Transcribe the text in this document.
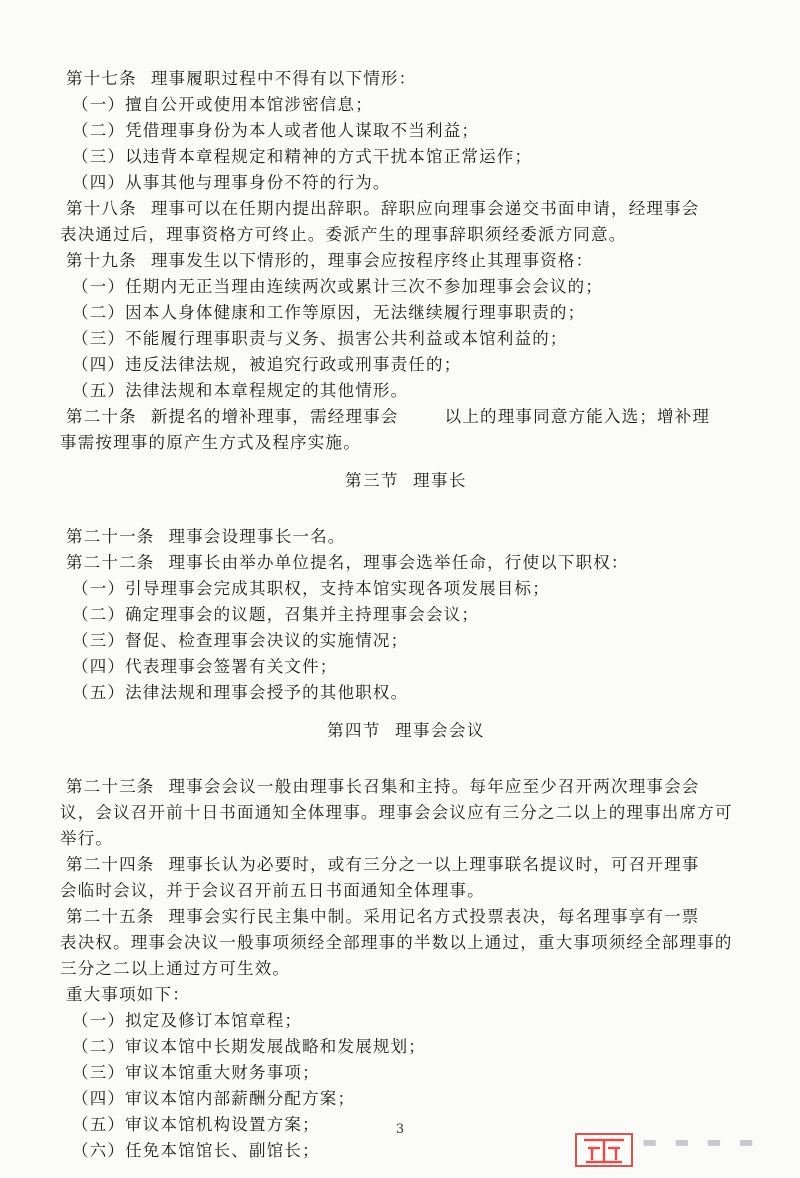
第十七条 理事履职过程中不得有以下情形：
（一）擅自公开或使用本馆涉密信息；
（二）凭借理事身份为本人或者他人谋取不当利益；
（三）以违背本章程规定和精神的方式干扰本馆正常运作；
（四）从事其他与理事身份不符的行为。
第十八条 理事可以在任期内提出辞职。辞职应向理事会递交书面申请，经理事会
表决通过后，理事资格方可终止。委派产生的理事辞职须经委派方同意。
第十九条 理事发生以下情形的，理事会应按程序终止其理事资格：
（一）任期内无正当理由连续两次或累计三次不参加理事会会议的；
（二）因本人身体健康和工作等原因，无法继续履行理事职责的；
（三）不能履行理事职责与义务、损害公共利益或本馆利益的；
（四）违反法律法规，被追究行政或刑事责任的；
（五）法律法规和本章程规定的其他情形。
第二十条 新提名的增补理事，需经理事会	以上的理事同意方能入选；增补理
事需按理事的原产生方式及程序实施。
第三节 理事长
第二十一条 理事会设理事长一名。
第二十二条 理事长由举办单位提名，理事会选举任命，行使以下职权：
（一）引导理事会完成其职权，支持本馆实现各项发展目标；
（二）确定理事会的议题，召集并主持理事会会议；
（三）督促、检查理事会决议的实施情况；
（四）代表理事会签署有关文件；
（五）法律法规和理事会授予的其他职权。
第四节 理事会会议
第二十三条 理事会会议一般由理事长召集和主持。每年应至少召开两次理事会会
议，会议召开前十日书面通知全体理事。理事会会议应有三分之二以上的理事出席方可
举行。
第二十四条 理事长认为必要时，或有三分之一以上理事联名提议时，可召开理事
会临时会议，并于会议召开前五日书面通知全体理事。
第二十五条 理事会实行民主集中制。采用记名方式投票表决，每名理事享有一票
表决权。理事会决议一般事项须经全部理事的半数以上通过，重大事项须经全部理事的
三分之二以上通过方可生效。
重大事项如下：
（一）拟定及修订本馆章程；
（二）审议本馆中长期发展战略和发展规划；
（三）审议本馆重大财务事项；
（四）审议本馆内部薪酬分配方案；
（五）审议本馆机构设置方案；
（六）任免本馆馆长、副馆长；
3
▬ ▬ ▬ ▬
